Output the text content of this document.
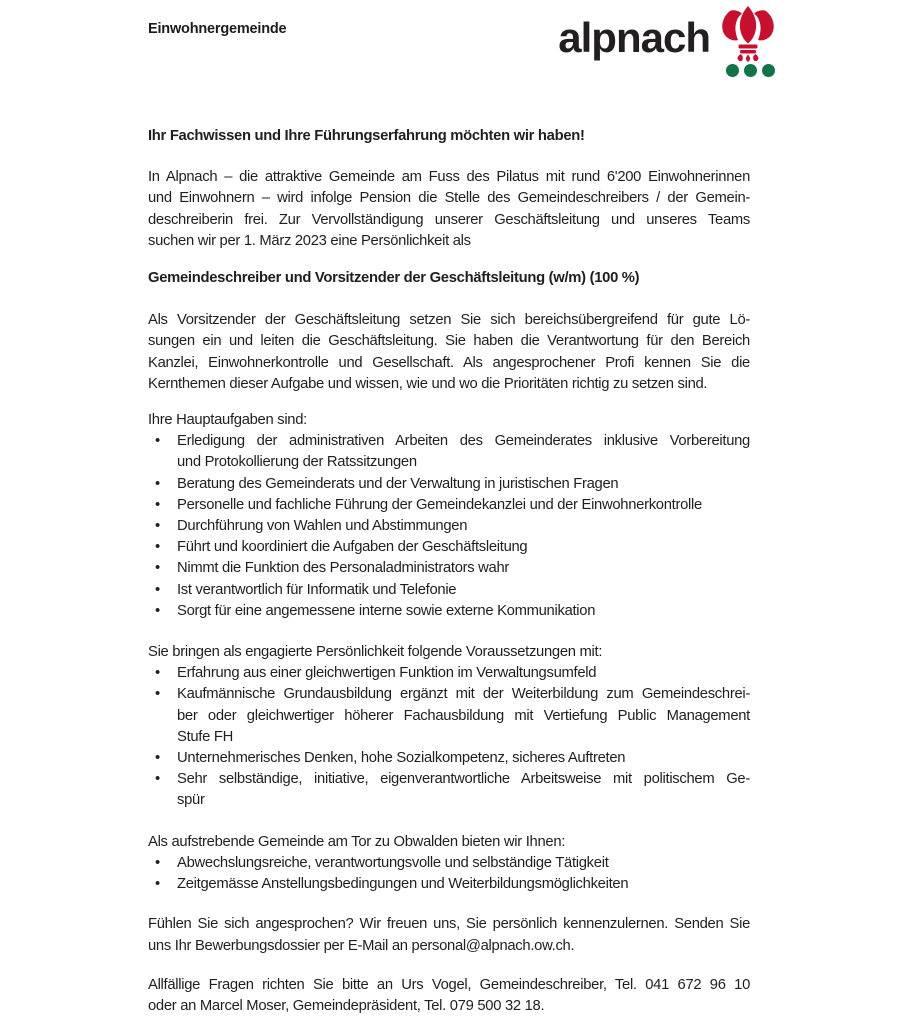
Einwohnergemeinde	alpnach
Ihr Fachwissen und Ihre Führungserfahrung möchten wir haben!
In Alpnach – die attraktive Gemeinde am Fuss des Pilatus mit rund 6'200 Einwohnerinnen
und Einwohnern – wird infolge Pension die Stelle des Gemeindeschreibers / der Gemein-
deschreiberin frei. Zur Vervollständigung unserer Geschäftsleitung und unseres Teams
suchen wir per 1. März 2023 eine Persönlichkeit als
Gemeindeschreiber und Vorsitzender der Geschäftsleitung (w/m) (100 %)
Als Vorsitzender der Geschäftsleitung setzen Sie sich bereichsübergreifend für gute Lö-
sungen ein und leiten die Geschäftsleitung. Sie haben die Verantwortung für den Bereich
Kanzlei, Einwohnerkontrolle und Gesellschaft. Als angesprochener Profi kennen Sie die
Kernthemen dieser Aufgabe und wissen, wie und wo die Prioritäten richtig zu setzen sind.
Ihre Hauptaufgaben sind:
• Erledigung der administrativen Arbeiten des Gemeinderates inklusive Vorbereitung
und Protokollierung der Ratssitzungen
• Beratung des Gemeinderats und der Verwaltung in juristischen Fragen
• Personelle und fachliche Führung der Gemeindekanzlei und der Einwohnerkontrolle
• Durchführung von Wahlen und Abstimmungen
• Führt und koordiniert die Aufgaben der Geschäftsleitung
• Nimmt die Funktion des Personaladministrators wahr
• Ist verantwortlich für Informatik und Telefonie
• Sorgt für eine angemessene interne sowie externe Kommunikation
Sie bringen als engagierte Persönlichkeit folgende Voraussetzungen mit:
• Erfahrung aus einer gleichwertigen Funktion im Verwaltungsumfeld
• Kaufmännische Grundausbildung ergänzt mit der Weiterbildung zum Gemeindeschrei-
ber oder gleichwertiger höherer Fachausbildung mit Vertiefung Public Management
Stufe FH
• Unternehmerisches Denken, hohe Sozialkompetenz, sicheres Auftreten
• Sehr selbständige, initiative, eigenverantwortliche Arbeitsweise mit politischem Ge-
spür
Als aufstrebende Gemeinde am Tor zu Obwalden bieten wir Ihnen:
• Abwechslungsreiche, verantwortungsvolle und selbständige Tätigkeit
• Zeitgemässe Anstellungsbedingungen und Weiterbildungsmöglichkeiten
Fühlen Sie sich angesprochen? Wir freuen uns, Sie persönlich kennenzulernen. Senden Sie
uns Ihr Bewerbungsdossier per E-Mail an personal@alpnach.ow.ch.
Allfällige Fragen richten Sie bitte an Urs Vogel, Gemeindeschreiber, Tel. 041 672 96 10
oder an Marcel Moser, Gemeindepräsident, Tel. 079 500 32 18.
